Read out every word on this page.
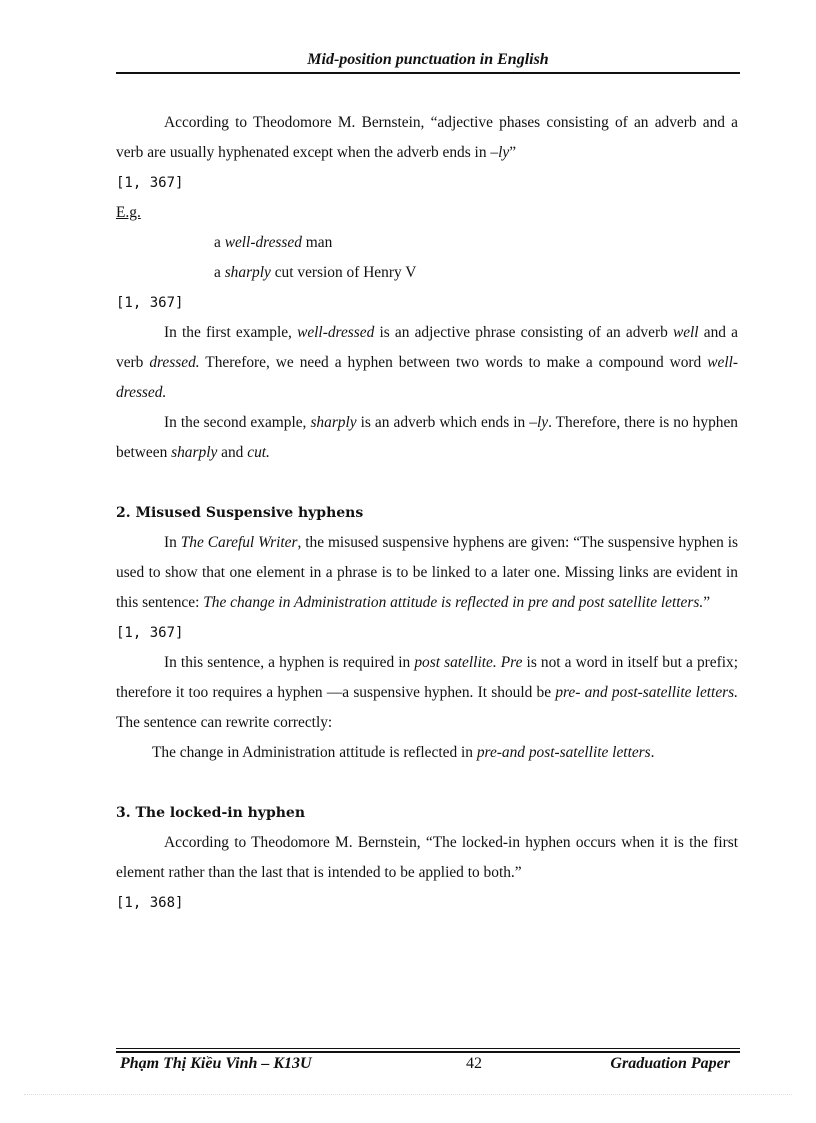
Mid-position punctuation in English

According to Theodomore M. Bernstein, “adjective phases consisting of an adverb and a verb are usually hyphenated except when the adverb ends in –ly”

[1, 367]

E.g.

a well-dressed man

a sharply cut version of Henry V

[1, 367]

In the first example, well-dressed is an adjective phrase consisting of an adverb well and a verb dressed. Therefore, we need a hyphen between two words to make a compound word well-dressed.

In the second example, sharply is an adverb which ends in –ly. Therefore, there is no hyphen between sharply and cut.

2. Misused Suspensive hyphens

In The Careful Writer, the misused suspensive hyphens are given: “The suspensive hyphen is used to show that one element in a phrase is to be linked to a later one. Missing links are evident in this sentence: The change in Administration attitude is reflected in pre and post satellite letters.”

[1, 367]

In this sentence, a hyphen is required in post satellite. Pre is not a word in itself but a prefix; therefore it too requires a hyphen —a suspensive hyphen. It should be pre- and post-satellite letters. The sentence can rewrite correctly:

The change in Administration attitude is reflected in pre-and post-satellite letters.

3. The locked-in hyphen

According to Theodomore M. Bernstein, “The locked-in hyphen occurs when it is the first element rather than the last that is intended to be applied to both.”

[1, 368]

Phạm Thị Kiều Vinh – K13U	42	Graduation Paper
